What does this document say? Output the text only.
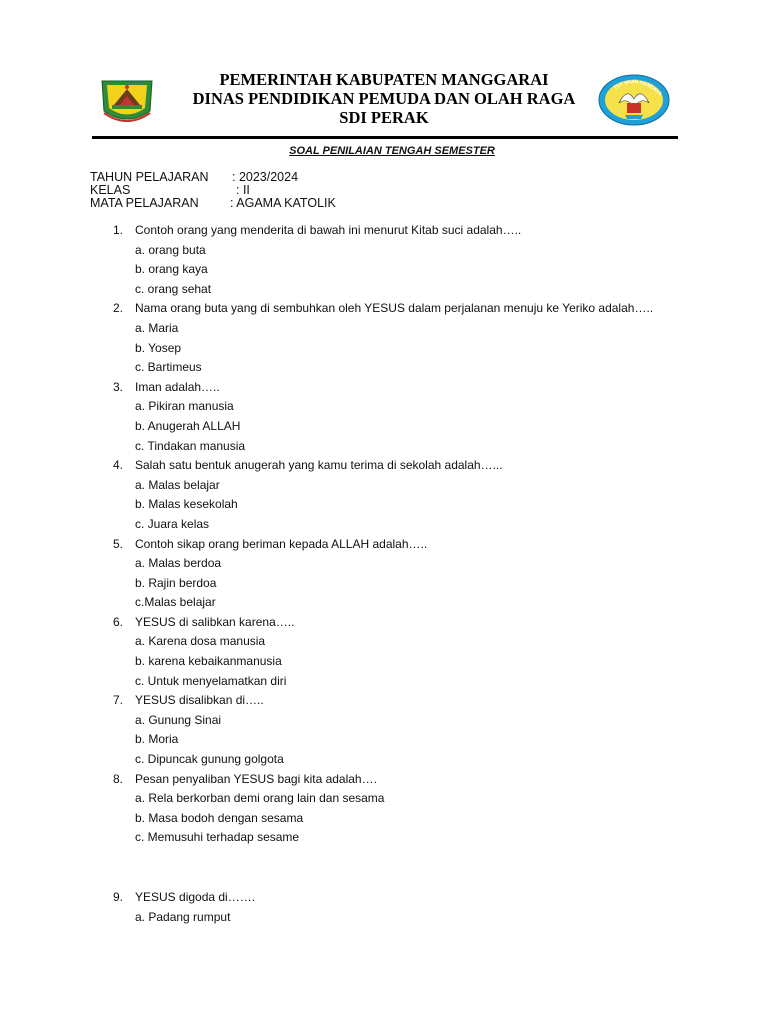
TUT WURI HANDAYA
PEMERINTAH KABUPATEN MANGGARAI
DINAS PENDIDIKAN PEMUDA DAN OLAH RAGA
SDI PERAK
SOAL PENILAIAN TENGAH SEMESTER
TAHUN PELAJARAN : 2023/2024
KELAS	: II
MATA PELAJARAN	: AGAMA KATOLIK
1. Contoh orang yang menderita di bawah ini menurut Kitab suci adalah…..
a. orang buta
b. orang kaya
c. orang sehat
2. Nama orang buta yang di sembuhkan oleh YESUS dalam perjalanan menuju ke Yeriko adalah…..
a. Maria
b. Yosep
c. Bartimeus
3. Iman adalah…..
a. Pikiran manusia
b. Anugerah ALLAH
c. Tindakan manusia
4. Salah satu bentuk anugerah yang kamu terima di sekolah adalah…...
a. Malas belajar
b. Malas kesekolah
c. Juara kelas
5. Contoh sikap orang beriman kepada ALLAH adalah…..
a. Malas berdoa
b. Rajin berdoa
c.Malas belajar
6. YESUS di salibkan karena…..
a. Karena dosa manusia
b. karena kebaikanmanusia
c. Untuk menyelamatkan diri
7. YESUS disalibkan di…..
a. Gunung Sinai
b. Moria
c. Dipuncak gunung golgota
8. Pesan penyaliban YESUS bagi kita adalah….
a. Rela berkorban demi orang lain dan sesama
b. Masa bodoh dengan sesama
c. Memusuhi terhadap sesame
9. YESUS digoda di…….
a. Padang rumput
